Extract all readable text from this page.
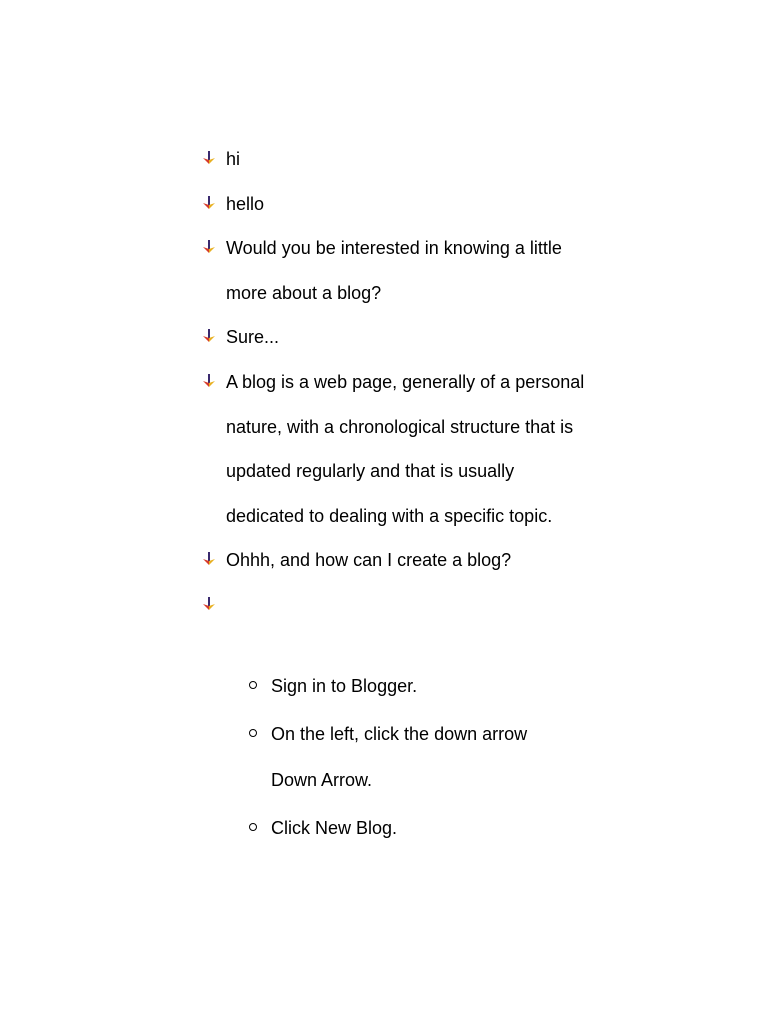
hi
hello
Would you be interested in knowing a little more about a blog?
Sure...
A blog is a web page, generally of a personal nature, with a chronological structure that is updated regularly and that is usually dedicated to dealing with a specific topic.
Ohhh, and how can I create a blog?
Sign in to Blogger.
On the left, click the down arrow Down Arrow.
Click New Blog.
